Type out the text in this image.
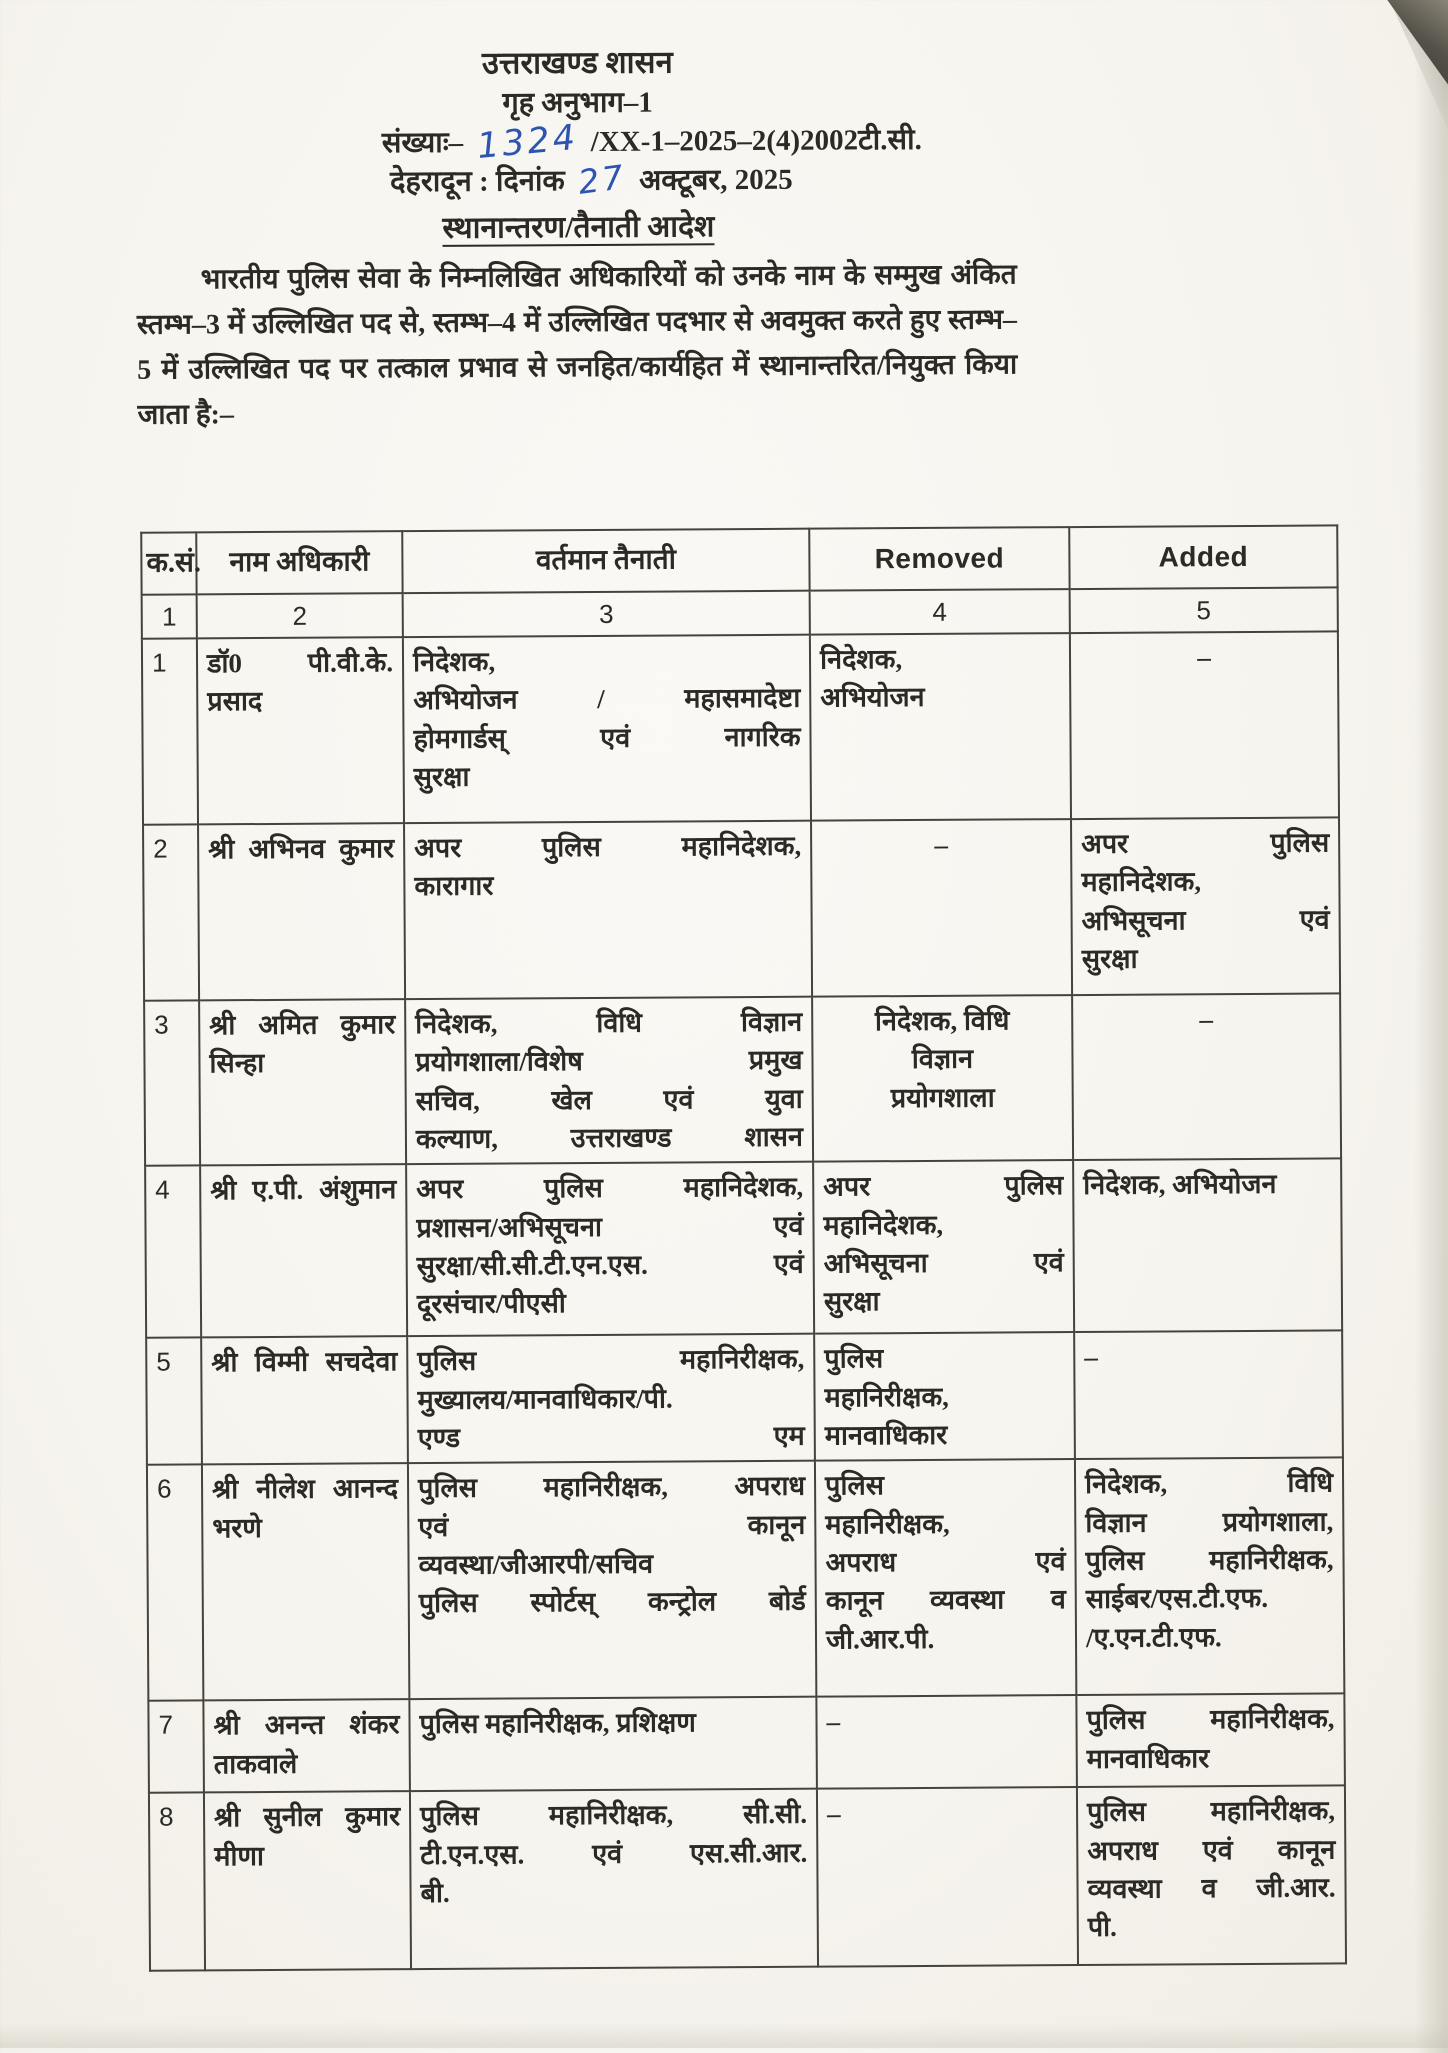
उत्तराखण्ड शासन
गृह अनुभाग–1
संख्याः– 1324 /XX-1–2025–2(4)2002टी.सी.
देहरादून : दिनांक 27 अक्टूबर, 2025
स्थानान्तरण/तैनाती आदेश

भारतीय पुलिस सेवा के निम्नलिखित अधिकारियों को उनके नाम के सम्मुख अंकित स्तम्भ–3 में उल्लिखित पद से, स्तम्भ–4 में उल्लिखित पदभार से अवमुक्त करते हुए स्तम्भ–5 में उल्लिखित पद पर तत्काल प्रभाव से जनहित/कार्यहित में स्थानान्तरित/नियुक्त किया जाता है:–

क.सं.	नाम अधिकारी	वर्तमान तैनाती	Removed	Added
1	2	3	4	5
1	डॉ0 पी.वी.के. प्रसाद	निदेशक,
अभियोजन / महासमादेष्टा
होमगार्डस् एवं नागरिक
सुरक्षा	निदेशक,
अभियोजन	–
2	श्री अभिनव कुमार	अपर पुलिस महानिदेशक,
कारागार	–	अपर पुलिस
महानिदेशक,
अभिसूचना एवं
सुरक्षा
3	श्री अमित कुमार
सिन्हा	निदेशक, विधि विज्ञान
प्रयोगशाला/विशेष प्रमुख
सचिव, खेल एवं युवा
कल्याण, उत्तराखण्ड शासन	निदेशक, विधि
विज्ञान
प्रयोगशाला	–
4	श्री ए.पी. अंशुमान	अपर पुलिस महानिदेशक,
प्रशासन/अभिसूचना एवं
सुरक्षा/सी.सी.टी.एन.एस. एवं
दूरसंचार/पीएसी	अपर पुलिस
महानिदेशक,
अभिसूचना एवं
सुरक्षा	निदेशक, अभियोजन
5	श्री विम्मी सचदेवा	पुलिस महानिरीक्षक,
मुख्यालय/मानवाधिकार/पी.
एण्ड एम	पुलिस
महानिरीक्षक,
मानवाधिकार	–
6	श्री नीलेश आनन्द
भरणे	पुलिस महानिरीक्षक, अपराध
एवं कानून
व्यवस्था/जीआरपी/सचिव
पुलिस स्पोर्टस् कन्ट्रोल बोर्ड	पुलिस
महानिरीक्षक,
अपराध एवं
कानून व्यवस्था व
जी.आर.पी.	निदेशक, विधि
विज्ञान प्रयोगशाला,
पुलिस महानिरीक्षक,
साईबर/एस.टी.एफ.
/ए.एन.टी.एफ.
7	श्री अनन्त शंकर
ताकवाले	पुलिस महानिरीक्षक, प्रशिक्षण	–	पुलिस महानिरीक्षक,
मानवाधिकार
8	श्री सुनील कुमार मीणा	पुलिस महानिरीक्षक, सी.सी.
टी.एन.एस. एवं एस.सी.आर.
बी.	–	पुलिस महानिरीक्षक,
अपराध एवं कानून
व्यवस्था व जी.आर.
पी.
